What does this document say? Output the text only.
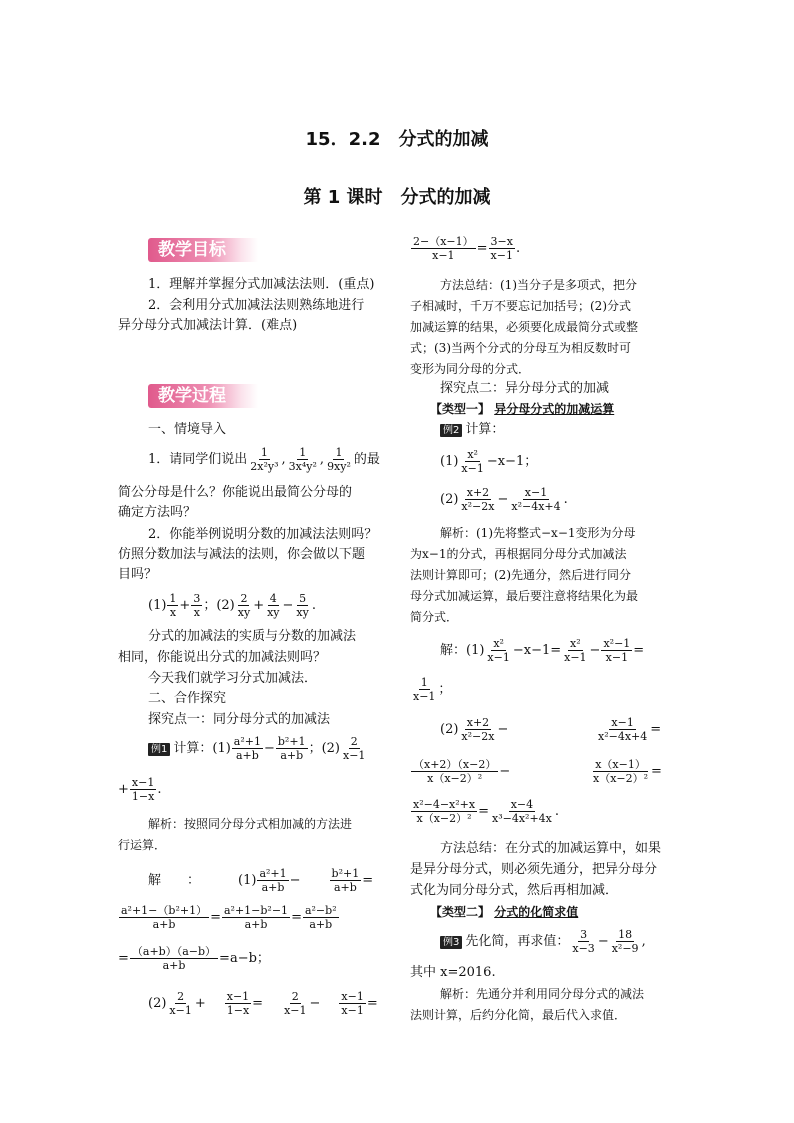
15．2.2　分式的加减
第 1 课时　分式的加减
教学目标
1．理解并掌握分式加减法法则．(重点)
2．会利用分式加减法法则熟练地进行
异分母分式加减法计算．(难点)
教学过程
一、情境导入
1．请同学们说出 $\frac{1}{\text{2x²y³}}$ , $\frac{1}{\text{3x⁴y²}}$ , $\frac{1}{\text{9xy²}}$ 的最
简公分母是什么？你能说出最简公分母的
确定方法吗？
2．你能举例说明分数的加减法法则吗？
仿照分数加法与减法的法则，你会做以下题
目吗？
$(1) \frac{1}{x} + \frac{3}{x}$ ；$(2) \frac{2}{xy} + \frac{4}{xy} - \frac{5}{xy}$ .
分式的加减法的实质与分数的加减法
相同，你能说出分式的加减法则吗？
今天我们就学习分式加减法．
二、合作探究
探究点一：同分母分式的加减法
例1 计算：$(1) \frac{\text{a²+1}}{a+b} - \frac{\text{b²+1}}{a+b}$ ；$(2) \frac{2}{x-1}$
+ $\frac{x-1}{1-x}$ .
解析：按照同分母分式相加减的方法进
行运算．
解　　：	$(1) \frac{\text{a²+1}}{a+b}$ −	$\frac{\text{b²+1}}{a+b}$ =
$\frac{\text{a²+1−（b²+1）}}{a+b} = \frac{\text{a²+1−b²−1}}{a+b} = \frac{\text{a²−b²}}{a+b}$
= $\frac{(a+b)(a-b)}{a+b} =a-b$；
$(2) \frac{2}{x-1} + \frac{x-1}{1-x} = \frac{2}{x-1} - \frac{x-1}{x-1}$ =
$\frac{2-(x-1)}{x-1} = \frac{3-x}{x-1}$ .
方法总结：(1)当分子是多项式，把分
子相减时，千万不要忘记加括号；(2)分式
加减运算的结果，必须要化成最简分式或整
式；(3)当两个分式的分母互为相反数时可
变形为同分母的分式．
探究点二：异分母分式的加减
【类型一】 异分母分式的加减运算
例2 计算：
$(1) \frac{\text{x²}}{x-1} -x-1$；
$(2) \frac{x+2}{\text{x²−2x}} - \frac{x-1}{\text{x²−4x+4}}$ .
解析：(1)先将整式−x−1变形为分母
为x−1的分式，再根据同分母分式加减法
法则计算即可；(2)先通分，然后进行同分
母分式加减运算，最后要注意将结果化为最
简分式．
解：$(1) \frac{\text{x²}}{x-1} -x-1= \frac{\text{x²}}{x-1} - \frac{\text{x²−1}}{x-1}$ =
$\frac{1}{x-1}$ ；
$(2) \frac{x+2}{\text{x²−2x}}$ −	$\frac{x-1}{\text{x²−4x+4}}$ =
$\frac{(x+2)(x-2)}{\text{x（x−2）²}}$ −	$\frac{x(x-1)}{\text{x（x−2）²}}$ =
$\frac{\text{x²−4−x²+x}}{\text{x（x−2）²}} = \frac{x-4}{\text{x³−4x²+4x}}$ .
方法总结：在分式的加减运算中，如果
是异分母分式，则必须先通分，把异分母分
式化为同分母分式，然后再相加减．
【类型二】 分式的化简求值
例3 先化简，再求值： $\frac{3}{x-3} - \frac{18}{\text{x²−9}}$ ,
其中 x=2016.
解析：先通分并利用同分母分式的减法
法则计算，后约分化简，最后代入求值．
